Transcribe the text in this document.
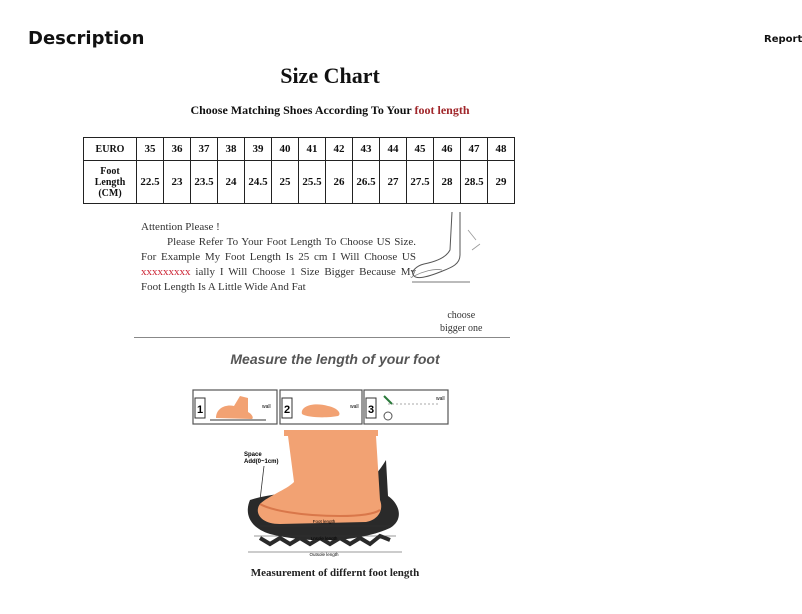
Description	Report
Size Chart
Choose Matching Shoes According To Your foot length
EURO	35	36	37	38	39	40	41	42	43	44	45	46	47	48
Foot
Length
(CM)	22.5	23	23.5	24	24.5	25	25.5	26	26.5	27	27.5	28	28.5	29

Attention Please !

Please Refer To Your Foot Length To Choose US Size. For Example My Foot Length Is 25 cm I Will Choose US xxxxxxxxx ially I Will Choose 1 Size Bigger Because My Foot Length Is A Little Wide And Fat

choose
bigger one
Measure the length of your foot
1	wall 2	wall 3
wall
Space
Add(0~1cm)
Foot length
Lnsole length
Outsole length
Measurement of differnt foot length
